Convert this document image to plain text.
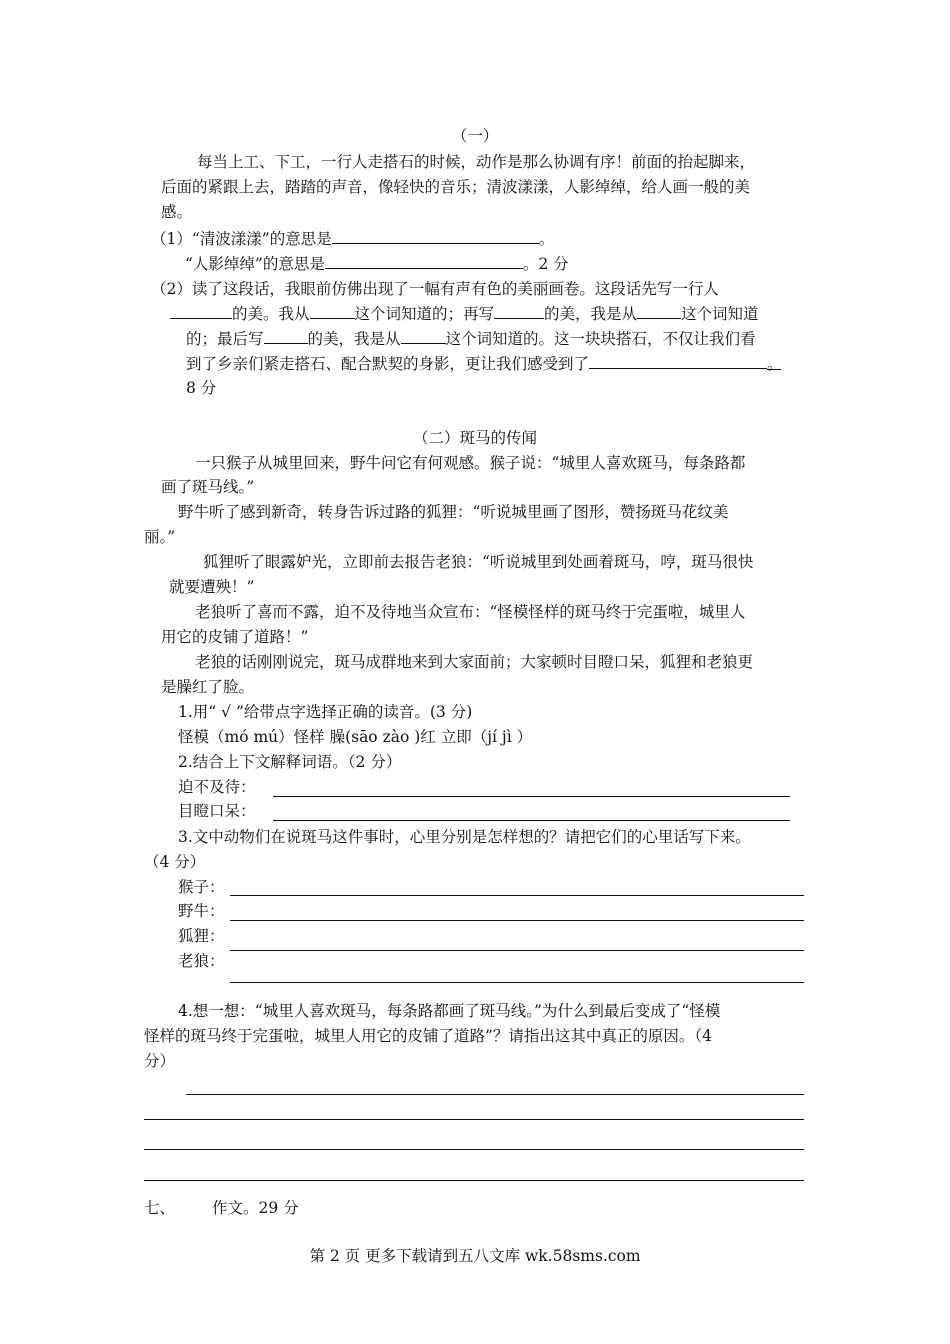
（一）
每当上工、下工，一行人走搭石的时候，动作是那么协调有序！前面的抬起脚来，
后面的紧跟上去，踏踏的声音，像轻快的音乐；清波漾漾，人影绰绰，给人画一般的美
感。
（1）“清波漾漾”的意思是	。
“人影绰绰”的意思是	。2 分
（2）读了这段话，我眼前仿佛出现了一幅有声有色的美丽画卷。这段话先写一行人
的美。我从	这个词知道的；再写	的美，我是从	这个词知道
的；最后写	的美，我是从	这个词知道的。这一块块搭石，不仅让我们看
到了乡亲们紧走搭石、配合默契的身影，更让我们感受到了	。
8 分
（二）斑马的传闻
一只猴子从城里回来，野牛问它有何观感。猴子说：“城里人喜欢斑马，每条路都
画了斑马线。”
野牛听了感到新奇，转身告诉过路的狐狸：“听说城里画了图形，赞扬斑马花纹美
丽。”
狐狸听了眼露妒光，立即前去报告老狼：“听说城里到处画着斑马，哼，斑马很快
就要遭殃！”
老狼听了喜而不露，迫不及待地当众宣布：“怪模怪样的斑马终于完蛋啦，城里人
用它的皮铺了道路！”
老狼的话刚刚说完，斑马成群地来到大家面前；大家顿时目瞪口呆，狐狸和老狼更
是臊红了脸。
1.用“ √ ”给带点字选择正确的读音。(3 分)
怪模（mó mú）怪样 臊(sāo zào )红 立即（jí jì ）
2.结合上下文解释词语。（2 分）
迫不及待：
目瞪口呆：
3.文中动物们在说斑马这件事时，心里分别是怎样想的？请把它们的心里话写下来。
（4 分）
猴子：
野牛：
狐狸：
老狼：
4.想一想：“城里人喜欢斑马，每条路都画了斑马线。”为什么到最后变成了“怪模
怪样的斑马终于完蛋啦，城里人用它的皮铺了道路”？请指出这其中真正的原因。（4
分）
七、 作文。29 分
第 2 页 更多下载请到五八文库 wk.58sms.com
